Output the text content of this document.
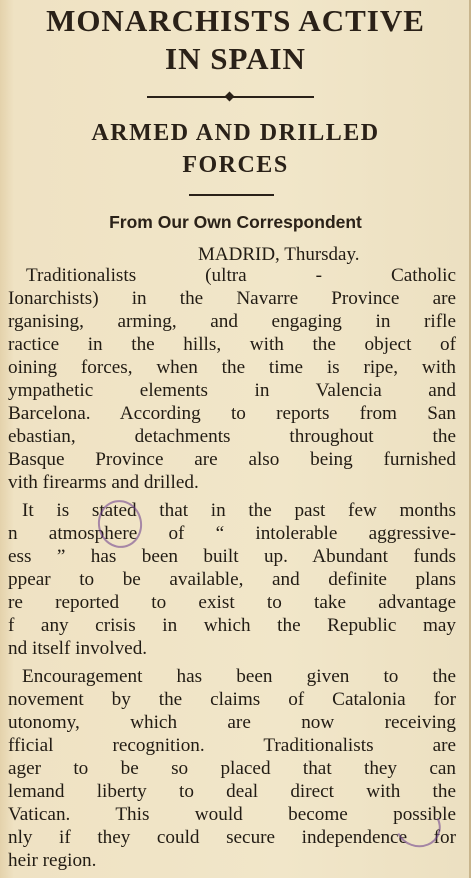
MONARCHISTS ACTIVE
IN SPAIN
ARMED AND DRILLED
FORCES
From Our Own Correspondent
MADRID, Thursday.
Traditionalists (ultra - Catholic
Ionarchists) in the Navarre Province are
rganising, arming, and engaging in rifle
ractice in the hills, with the object of
oining forces, when the time is ripe, with
ympathetic elements in Valencia and
Barcelona. According to reports from San
ebastian, detachments throughout the
Basque Province are also being furnished
vith firearms and drilled.
It is stated that in the past few months
n atmosphere of “ intolerable aggressive-
ess ” has been built up. Abundant funds
ppear to be available, and definite plans
re reported to exist to take advantage
f any crisis in which the Republic may
nd itself involved.
Encouragement has been given to the
novement by the claims of Catalonia for
utonomy, which are now receiving
fficial recognition. Traditionalists are
ager to be so placed that they can
lemand liberty to deal direct with the
Vatican. This would become possible
nly if they could secure independence for
heir region.
